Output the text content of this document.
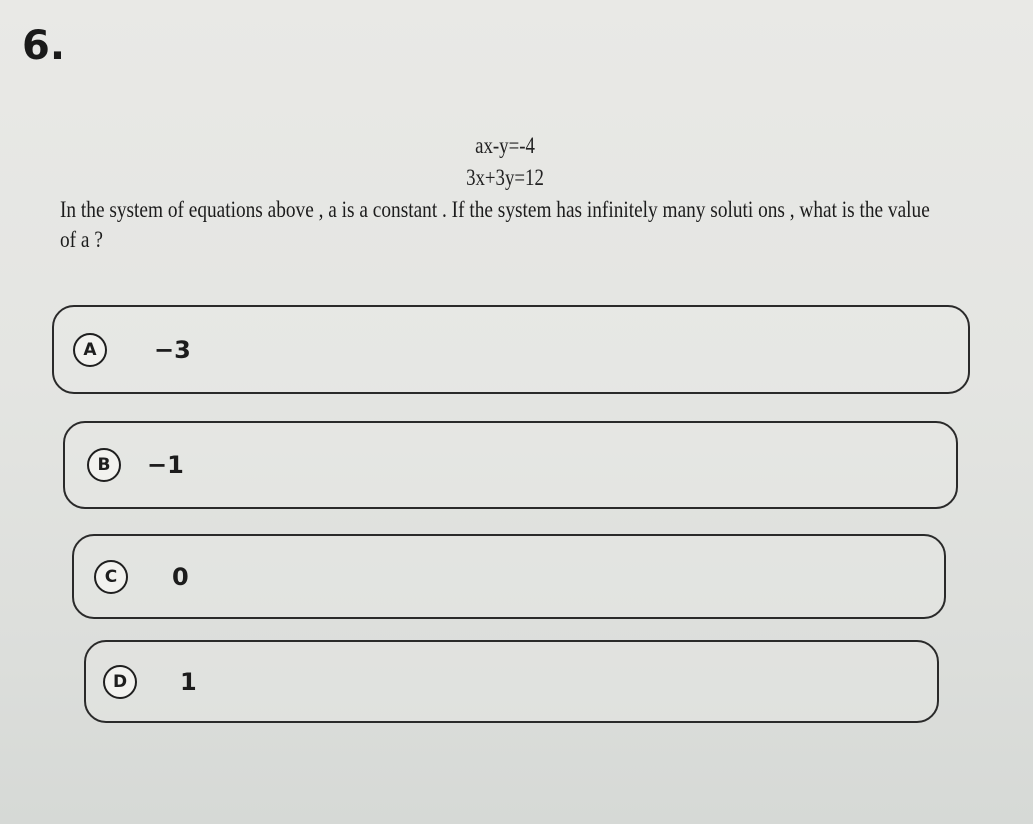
6.
ax-y=-4
3x+3y=12
In the system of equations above , a is a constant . If the system has infinitely many soluti ons , what is the value of a ?
A	−3
B	−1
C	0
D	1
